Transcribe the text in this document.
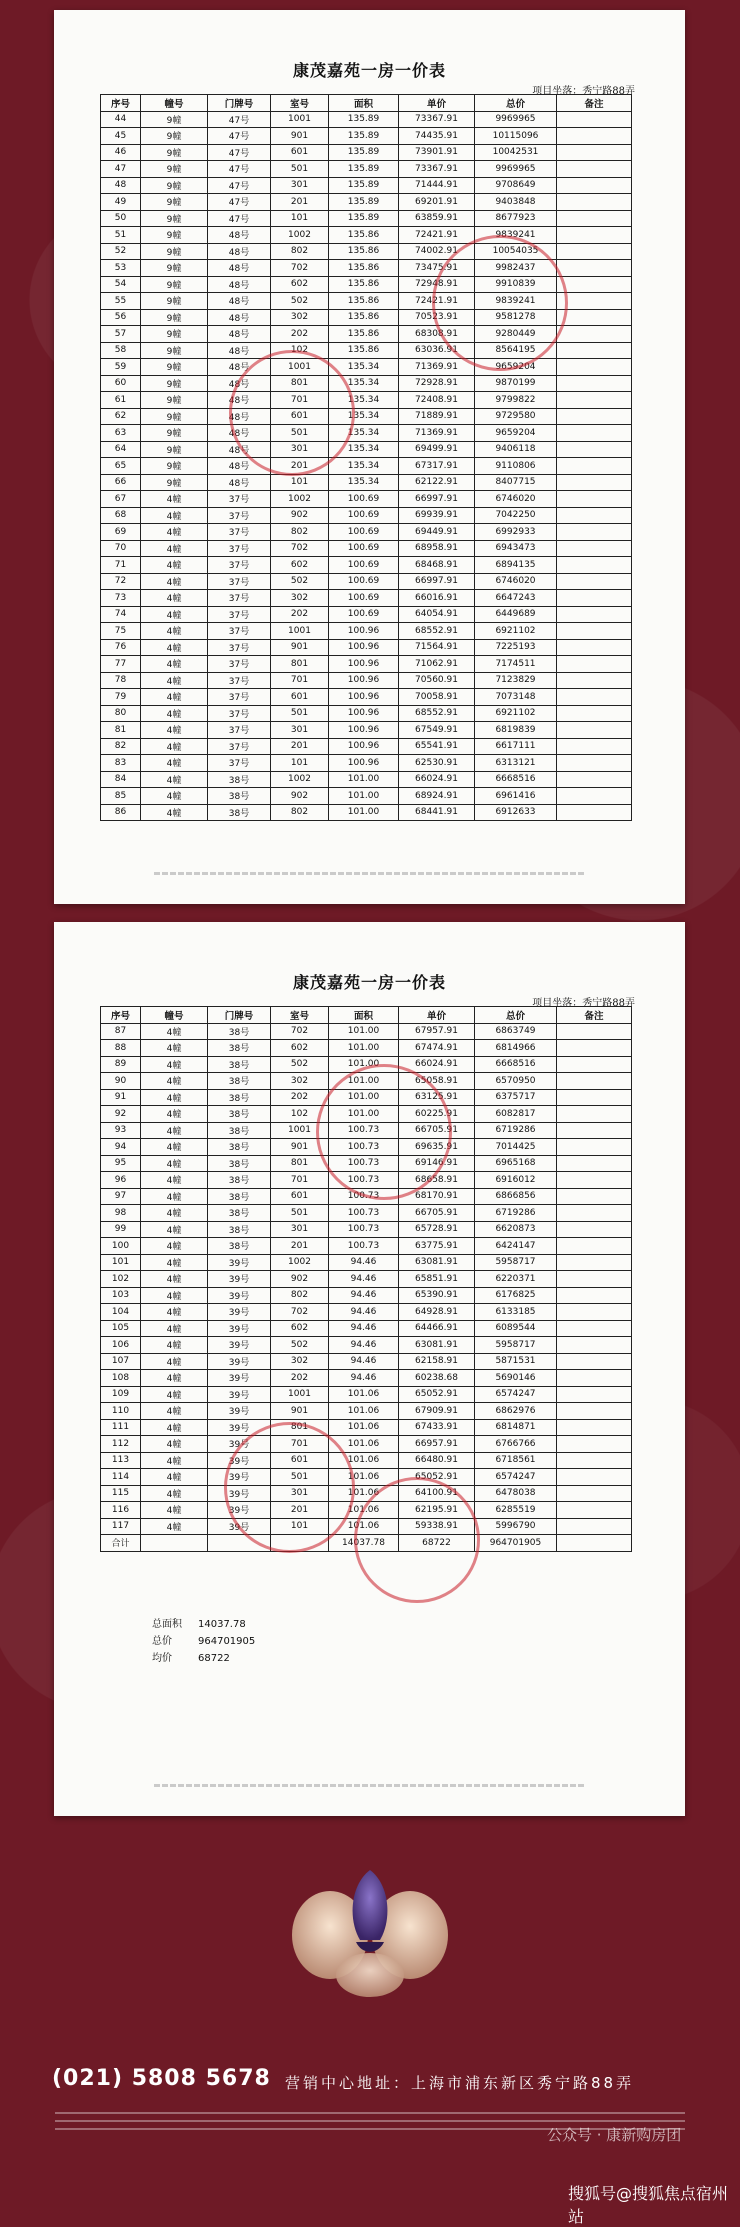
康茂嘉苑一房一价表
项目坐落：秀宁路88弄
序号	幢号	门牌号	室号	面积	单价	总价	备注
44	9幢	47号	1001	135.89	73367.91	9969965	
45	9幢	47号	901	135.89	74435.91	10115096	
46	9幢	47号	601	135.89	73901.91	10042531	
47	9幢	47号	501	135.89	73367.91	9969965	
48	9幢	47号	301	135.89	71444.91	9708649	
49	9幢	47号	201	135.89	69201.91	9403848	
50	9幢	47号	101	135.89	63859.91	8677923	
51	9幢	48号	1002	135.86	72421.91	9839241	
52	9幢	48号	802	135.86	74002.91	10054035	
53	9幢	48号	702	135.86	73475.91	9982437	
54	9幢	48号	602	135.86	72948.91	9910839	
55	9幢	48号	502	135.86	72421.91	9839241	
56	9幢	48号	302	135.86	70523.91	9581278	
57	9幢	48号	202	135.86	68308.91	9280449	
58	9幢	48号	102	135.86	63036.91	8564195	
59	9幢	48号	1001	135.34	71369.91	9659204	
60	9幢	48号	801	135.34	72928.91	9870199	
61	9幢	48号	701	135.34	72408.91	9799822	
62	9幢	48号	601	135.34	71889.91	9729580	
63	9幢	48号	501	135.34	71369.91	9659204	
64	9幢	48号	301	135.34	69499.91	9406118	
65	9幢	48号	201	135.34	67317.91	9110806	
66	9幢	48号	101	135.34	62122.91	8407715	
67	4幢	37号	1002	100.69	66997.91	6746020	
68	4幢	37号	902	100.69	69939.91	7042250	
69	4幢	37号	802	100.69	69449.91	6992933	
70	4幢	37号	702	100.69	68958.91	6943473	
71	4幢	37号	602	100.69	68468.91	6894135	
72	4幢	37号	502	100.69	66997.91	6746020	
73	4幢	37号	302	100.69	66016.91	6647243	
74	4幢	37号	202	100.69	64054.91	6449689	
75	4幢	37号	1001	100.96	68552.91	6921102	
76	4幢	37号	901	100.96	71564.91	7225193	
77	4幢	37号	801	100.96	71062.91	7174511	
78	4幢	37号	701	100.96	70560.91	7123829	
79	4幢	37号	601	100.96	70058.91	7073148	
80	4幢	37号	501	100.96	68552.91	6921102	
81	4幢	37号	301	100.96	67549.91	6819839	
82	4幢	37号	201	100.96	65541.91	6617111	
83	4幢	37号	101	100.96	62530.91	6313121	
84	4幢	38号	1002	101.00	66024.91	6668516	
85	4幢	38号	902	101.00	68924.91	6961416	
86	4幢	38号	802	101.00	68441.91	6912633	
康茂嘉苑一房一价表
项目坐落：秀宁路88弄
序号	幢号	门牌号	室号	面积	单价	总价	备注
87	4幢	38号	702	101.00	67957.91	6863749	
88	4幢	38号	602	101.00	67474.91	6814966	
89	4幢	38号	502	101.00	66024.91	6668516	
90	4幢	38号	302	101.00	65058.91	6570950	
91	4幢	38号	202	101.00	63125.91	6375717	
92	4幢	38号	102	101.00	60225.91	6082817	
93	4幢	38号	1001	100.73	66705.91	6719286	
94	4幢	38号	901	100.73	69635.91	7014425	
95	4幢	38号	801	100.73	69146.91	6965168	
96	4幢	38号	701	100.73	68658.91	6916012	
97	4幢	38号	601	100.73	68170.91	6866856	
98	4幢	38号	501	100.73	66705.91	6719286	
99	4幢	38号	301	100.73	65728.91	6620873	
100	4幢	38号	201	100.73	63775.91	6424147	
101	4幢	39号	1002	94.46	63081.91	5958717	
102	4幢	39号	902	94.46	65851.91	6220371	
103	4幢	39号	802	94.46	65390.91	6176825	
104	4幢	39号	702	94.46	64928.91	6133185	
105	4幢	39号	602	94.46	64466.91	6089544	
106	4幢	39号	502	94.46	63081.91	5958717	
107	4幢	39号	302	94.46	62158.91	5871531	
108	4幢	39号	202	94.46	60238.68	5690146	
109	4幢	39号	1001	101.06	65052.91	6574247	
110	4幢	39号	901	101.06	67909.91	6862976	
111	4幢	39号	801	101.06	67433.91	6814871	
112	4幢	39号	701	101.06	66957.91	6766766	
113	4幢	39号	601	101.06	66480.91	6718561	
114	4幢	39号	501	101.06	65052.91	6574247	
115	4幢	39号	301	101.06	64100.91	6478038	
116	4幢	39号	201	101.06	62195.91	6285519	
117	4幢	39号	101	101.06	59338.91	5996790	
合计				14037.78	68722	964701905	
总面积 14037.78
总价	964701905
均价	68722
(021) 5808 5678 营销中心地址：上海市浦东新区秀宁路88弄
公众号 · 康新购房团
搜狐号@搜狐焦点宿州站
